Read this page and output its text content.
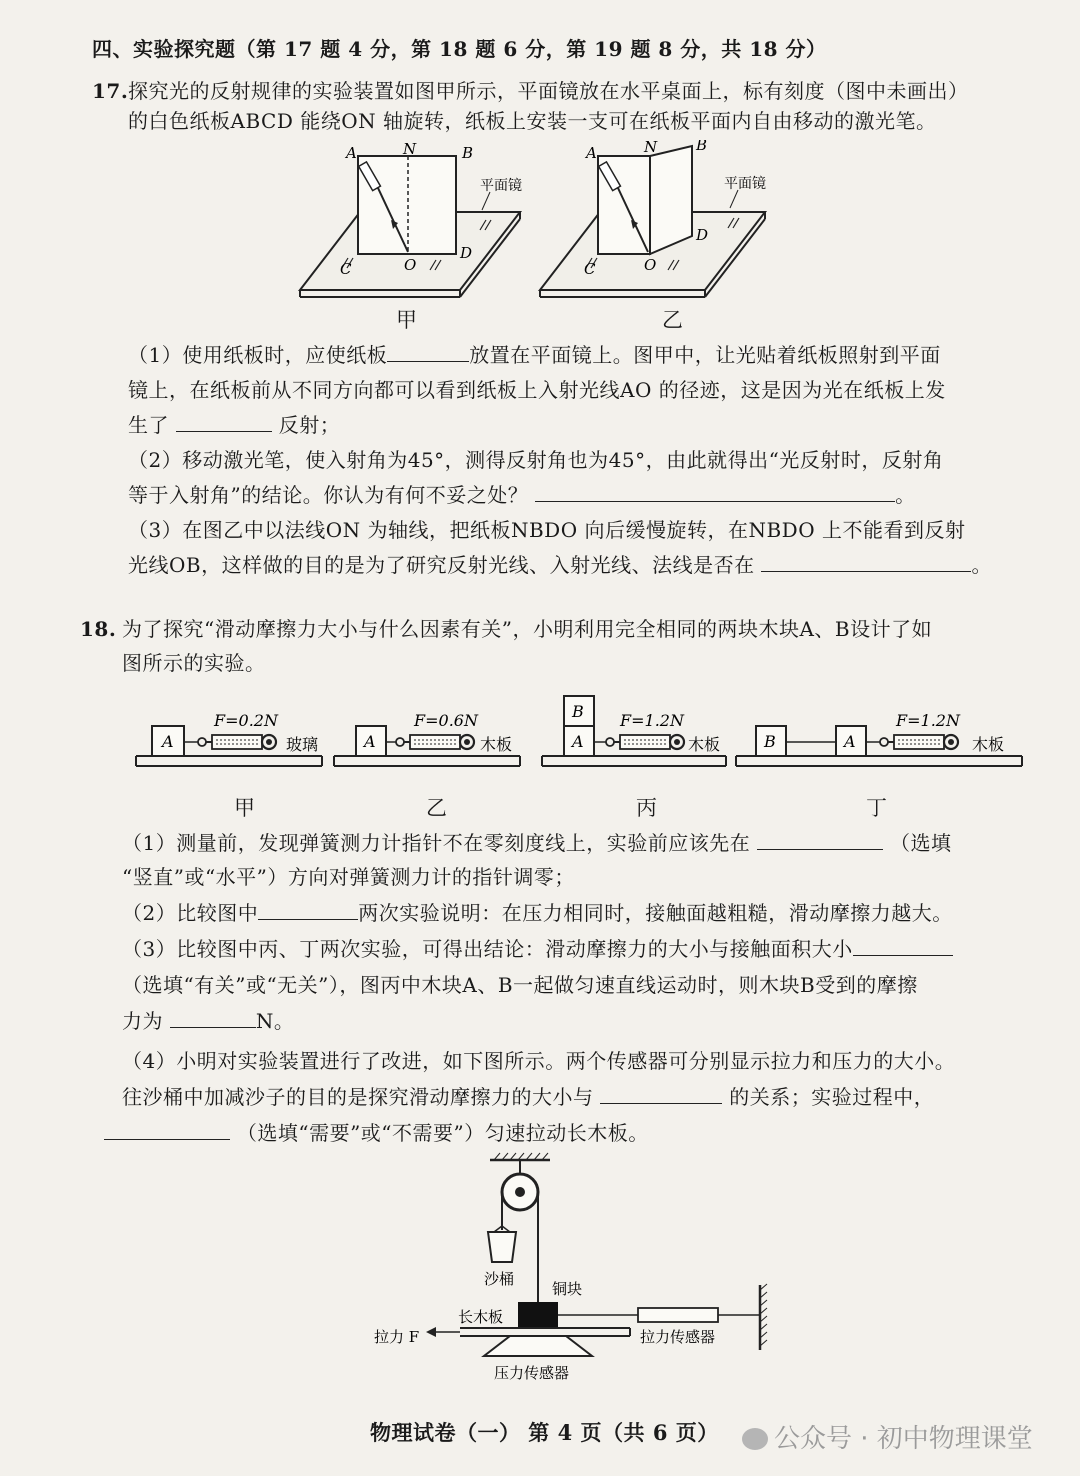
四、实验探究题（第 17 题 4 分，第 18 题 6 分，第 19 题 8 分，共 18 分）
17. 探究光的反射规律的实验装置如图甲所示，平面镜放在水平桌面上，标有刻度（图中未画出）
的白色纸板ABCD 能绕ON 轴旋转，纸板上安装一支可在纸板平面内自由移动的激光笔。
A	N	B
C	O
D
平面镜
A	N	B
C	O
D
平面镜
甲	乙
（1）使用纸板时，应使纸板	放置在平面镜上。图甲中，让光贴着纸板照射到平面
镜上，在纸板前从不同方向都可以看到纸板上入射光线AO 的径迹，这是因为光在纸板上发
生了	反射；
（2）移动激光笔，使入射角为45°，测得反射角也为45°，由此就得出“光反射时，反射角
等于入射角”的结论。你认为有何不妥之处？	。
（3）在图乙中以法线ON 为轴线，把纸板NBDO 向后缓慢旋转，在NBDO 上不能看到反射
光线OB，这样做的目的是为了研究反射光线、入射光线、法线是否在	。
18. 为了探究“滑动摩擦力大小与什么因素有关”，小明利用完全相同的两块木块A、B设计了如
图所示的实验。
A
F=0.2N
玻璃	A
F=0.6N
木板
B
A
F=1.2N
木板	B	A
F=1.2N
木板
甲	乙	丙	丁
（1）测量前，发现弹簧测力计指针不在零刻度线上，实验前应该先在	（选填
“竖直”或“水平”）方向对弹簧测力计的指针调零；
（2）比较图中	两次实验说明：在压力相同时，接触面越粗糙，滑动摩擦力越大。
（3）比较图中丙、丁两次实验，可得出结论：滑动摩擦力的大小与接触面积大小
（选填“有关”或“无关”），图丙中木块A、B一起做匀速直线运动时，则木块B受到的摩擦
力为	N。
（4）小明对实验装置进行了改进，如下图所示。两个传感器可分别显示拉力和压力的大小。
往沙桶中加减沙子的目的是探究滑动摩擦力的大小与	的关系；实验过程中，
（选填“需要”或“不需要”）匀速拉动长木板。
沙桶
铜块
长木板
拉力 F	拉力传感器
压力传感器
物理试卷（一） 第 4 页（共 6 页）	公众号 · 初中物理课堂
